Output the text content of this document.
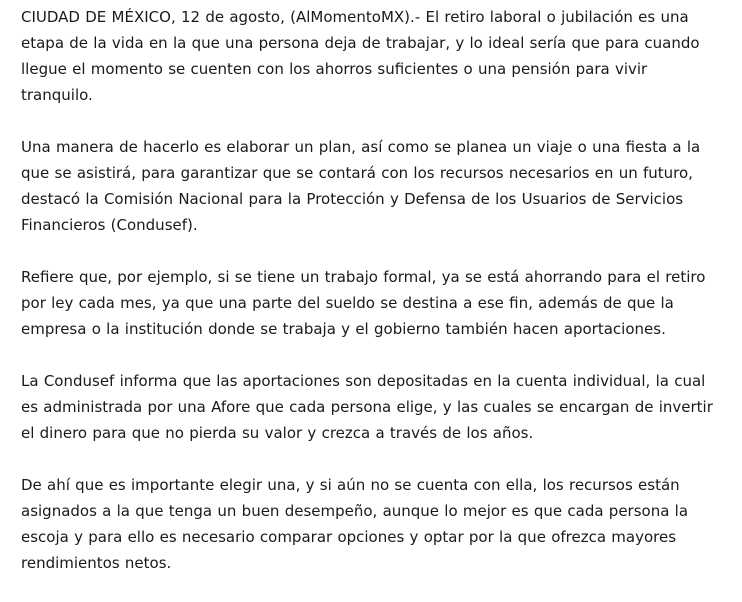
CIUDAD DE MÉXICO, 12 de agosto, (AlMomentoMX).- El retiro laboral o jubilación es una etapa de la vida en la que una persona deja de trabajar, y lo ideal sería que para cuando llegue el momento se cuenten con los ahorros suficientes o una pensión para vivir tranquilo.

Una manera de hacerlo es elaborar un plan, así como se planea un viaje o una fiesta a la que se asistirá, para garantizar que se contará con los recursos necesarios en un futuro, destacó la Comisión Nacional para la Protección y Defensa de los Usuarios de Servicios Financieros (Condusef).

Refiere que, por ejemplo, si se tiene un trabajo formal, ya se está ahorrando para el retiro por ley cada mes, ya que una parte del sueldo se destina a ese fin, además de que la empresa o la institución donde se trabaja y el gobierno también hacen aportaciones.

La Condusef informa que las aportaciones son depositadas en la cuenta individual, la cual es administrada por una Afore que cada persona elige, y las cuales se encargan de invertir el dinero para que no pierda su valor y crezca a través de los años.

De ahí que es importante elegir una, y si aún no se cuenta con ella, los recursos están asignados a la que tenga un buen desempeño, aunque lo mejor es que cada persona la escoja y para ello es necesario comparar opciones y optar por la que ofrezca mayores rendimientos netos.
